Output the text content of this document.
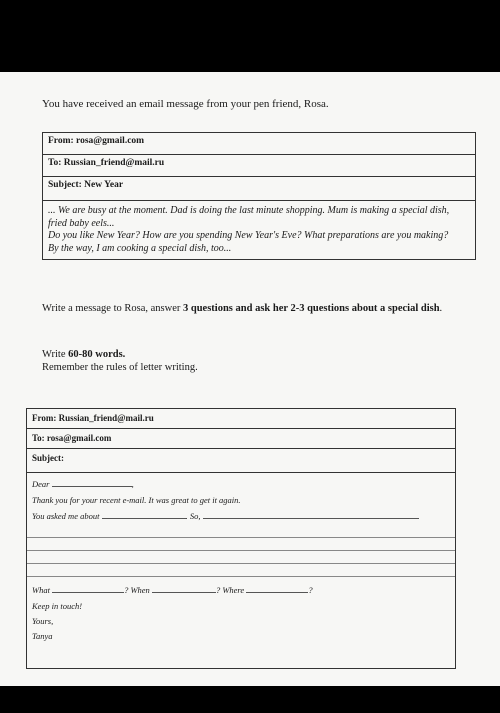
You have received an email message from your pen friend, Rosa.
From: rosa@gmail.com
To: Russian_friend@mail.ru
Subject: New Year

... We are busy at the moment. Dad is doing the last minute shopping. Mum is making a special dish, fried baby eels...

Do you like New Year? How are you spending New Year's Eve? What preparations are you making?

By the way, I am cooking a special dish, too...

Write a message to Rosa, answer 3 questions and ask her 2-3 questions about a special dish.
Write 60-80 words.
Remember the rules of letter writing.
From: Russian_friend@mail.ru
To: rosa@gmail.com
Subject:
Dear	,
Thank you for your recent e-mail. It was great to get it again.
You asked me about	. So,
What	? When	? Where	?
Keep in touch!
Yours,
Tanya
